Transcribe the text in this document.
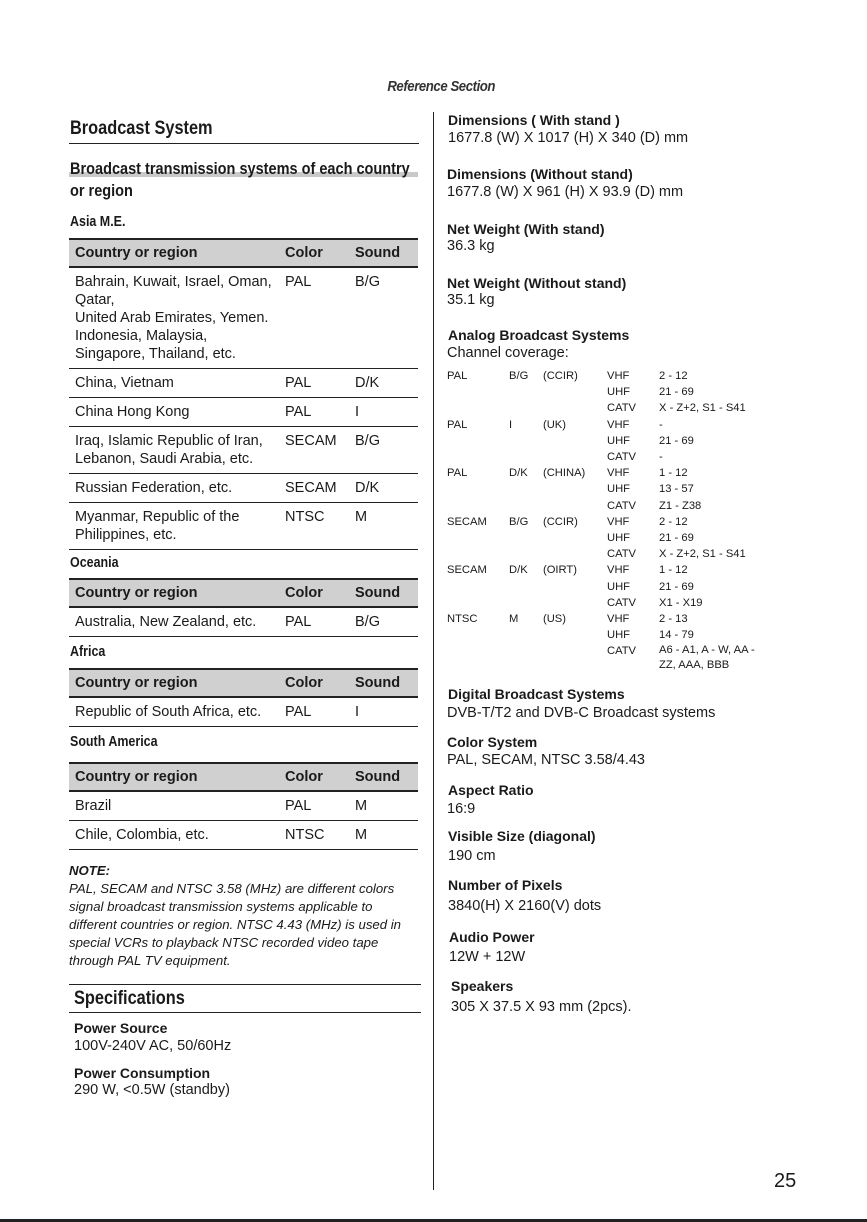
Reference Section
Broadcast System
Broadcast transmission systems of each country
or region
Asia M.E.
Country or region	Color	Sound
Bahrain, Kuwait, Israel, Oman,
Qatar,
United Arab Emirates, Yemen.
Indonesia, Malaysia,
Singapore, Thailand, etc.	PAL	B/G
China, Vietnam	PAL	D/K
China Hong Kong	PAL	I
Iraq, Islamic Republic of Iran,
Lebanon, Saudi Arabia, etc.	SECAM	B/G
Russian Federation, etc.	SECAM	D/K
Myanmar, Republic of the
Philippines, etc.	NTSC	M
Oceania
Country or region	Color	Sound
Australia, New Zealand, etc.	PAL	B/G
Africa
Country or region	Color	Sound
Republic of South Africa, etc.	PAL	I
South America
Country or region	Color	Sound
Brazil	PAL	M
Chile, Colombia, etc.	NTSC	M
NOTE:
PAL, SECAM and NTSC 3.58 (MHz) are different colors signal broadcast transmission systems applicable to different countries or region. NTSC 4.43 (MHz) is used in special VCRs to playback NTSC recorded video tape through PAL TV equipment.
Specifications
Power Source
100V-240V AC, 50/60Hz
Power Consumption
290 W, <0.5W (standby)
Dimensions ( With stand )
1677.8 (W) X 1017 (H) X 340 (D) mm
Dimensions (Without stand)
1677.8 (W) X 961 (H) X 93.9 (D) mm
Net Weight (With stand)
36.3 kg
Net Weight (Without stand)
35.1 kg
Analog Broadcast Systems
Channel coverage:
PAL	B/G	(CCIR)	VHF	2 - 12
			UHF	21 - 69
			CATV	X - Z+2, S1 - S41
PAL	I	(UK)	VHF	-
			UHF	21 - 69
			CATV	-
PAL	D/K	(CHINA)	VHF	1 - 12
			UHF	13 - 57
			CATV	Z1 - Z38
SECAM	B/G	(CCIR)	VHF	2 - 12
			UHF	21 - 69
			CATV	X - Z+2, S1 - S41
SECAM	D/K	(OIRT)	VHF	1 - 12
			UHF	21 - 69
			CATV	X1 - X19
NTSC	M	(US)	VHF	2 - 13
			UHF	14 - 79
			CATV	A6 - A1, A - W, AA -
ZZ, AAA, BBB
Digital Broadcast Systems
DVB-T/T2 and DVB-C Broadcast systems
Color System
PAL, SECAM, NTSC 3.58/4.43
Aspect Ratio
16:9
Visible Size (diagonal)
190 cm
Number of Pixels
3840(H) X 2160(V) dots
Audio Power
12W + 12W
Speakers
305 X 37.5 X 93 mm (2pcs).
25
